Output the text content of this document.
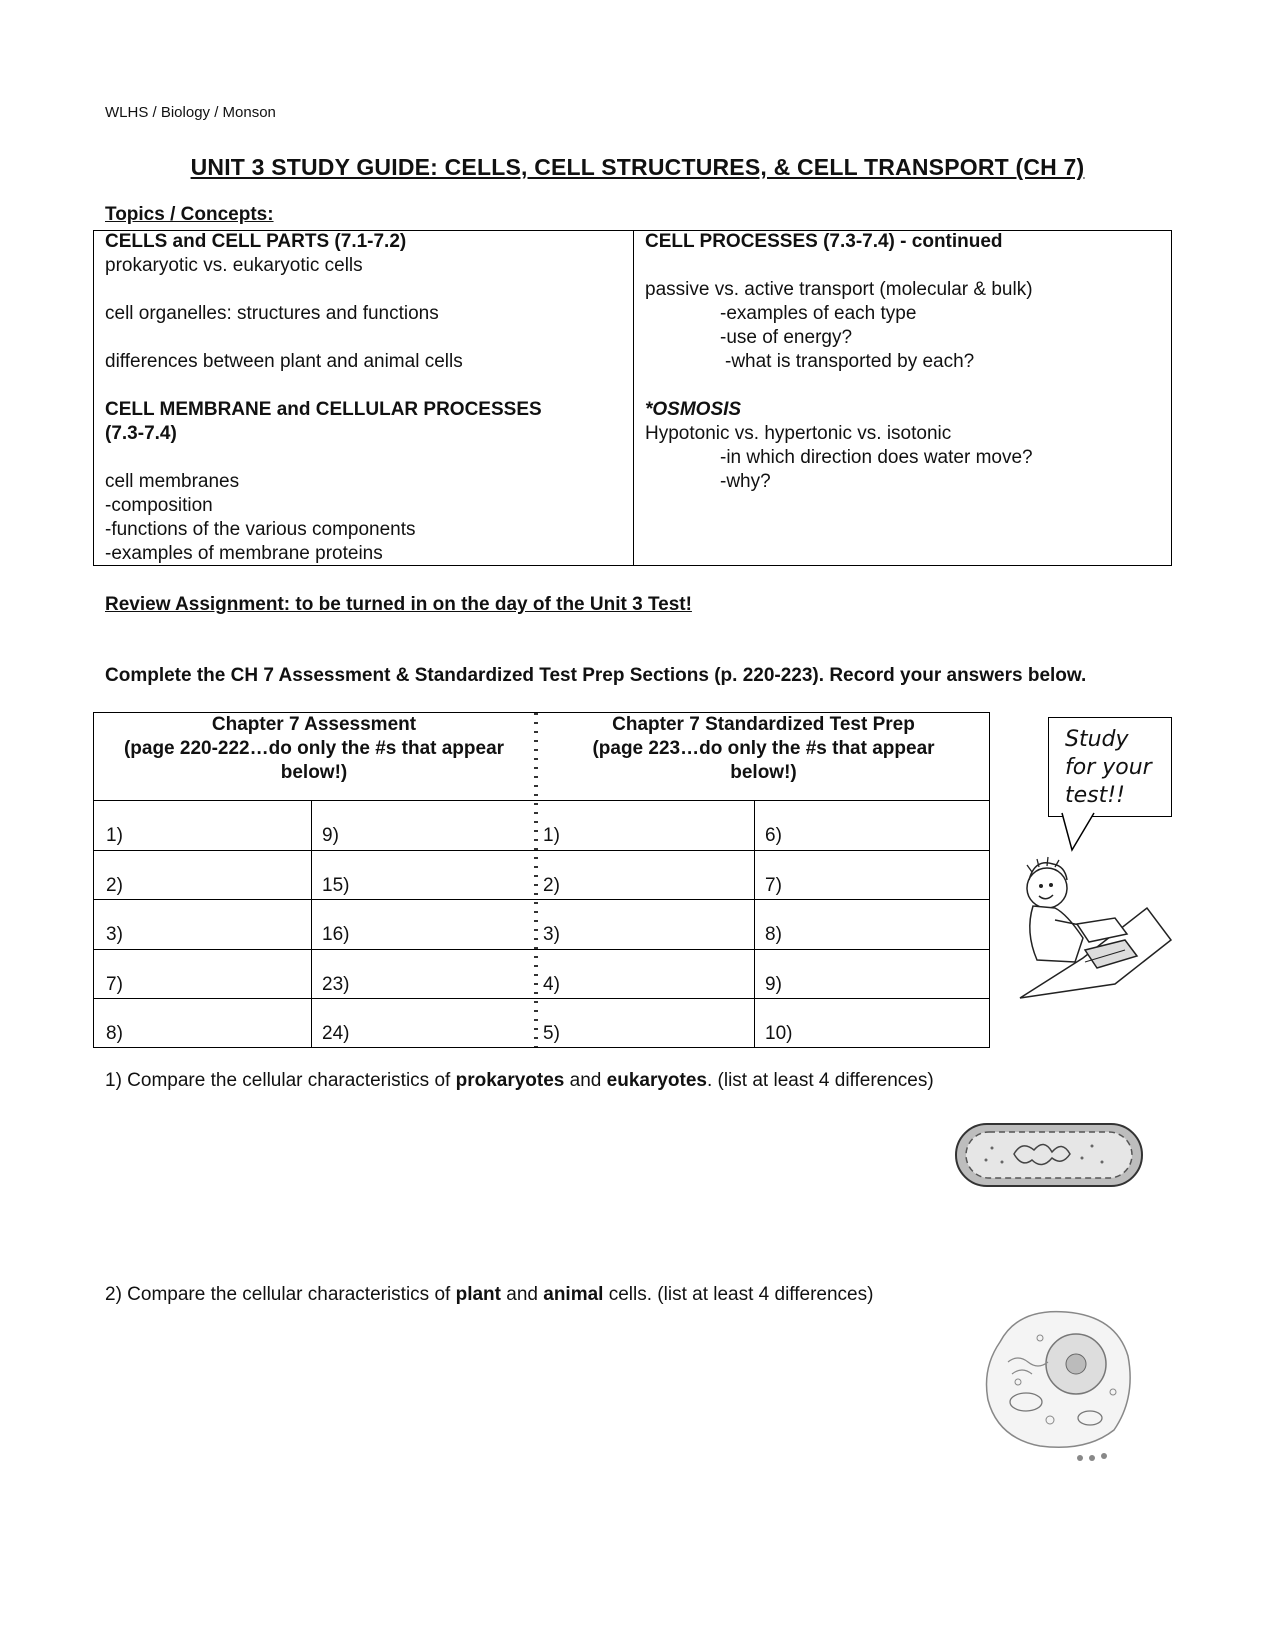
WLHS / Biology / Monson
UNIT 3 STUDY GUIDE: CELLS, CELL STRUCTURES, & CELL TRANSPORT (CH 7)
Topics / Concepts:
CELLS and CELL PARTS (7.1-7.2)
prokaryotic vs. eukaryotic cells
cell organelles: structures and functions
differences between plant and animal cells
CELL MEMBRANE and CELLULAR PROCESSES
(7.3-7.4)
cell membranes
-composition
-functions of the various components
-examples of membrane proteins
CELL PROCESSES (7.3-7.4) - continued
passive vs. active transport (molecular & bulk)
-examples of each type
-use of energy?
-what is transported by each?
*OSMOSIS
Hypotonic vs. hypertonic vs. isotonic
-in which direction does water move?
-why?
Review Assignment: to be turned in on the day of the Unit 3 Test!
Complete the CH 7 Assessment & Standardized Test Prep Sections (p. 220-223). Record your answers below.
Chapter 7 Assessment
(page 220-222…do only the #s that appear
below!)
Chapter 7 Standardized Test Prep
(page 223…do only the #s that appear
below!)
1)
2)
3)
7)
8)
9)
15)
16)
23)
24)
1)
2)
3)
4)
5)
6)
7)
8)
9)
10)
Study
for your
test!!
1) Compare the cellular characteristics of prokaryotes and eukaryotes. (list at least 4 differences)
2) Compare the cellular characteristics of plant and animal cells. (list at least 4 differences)
